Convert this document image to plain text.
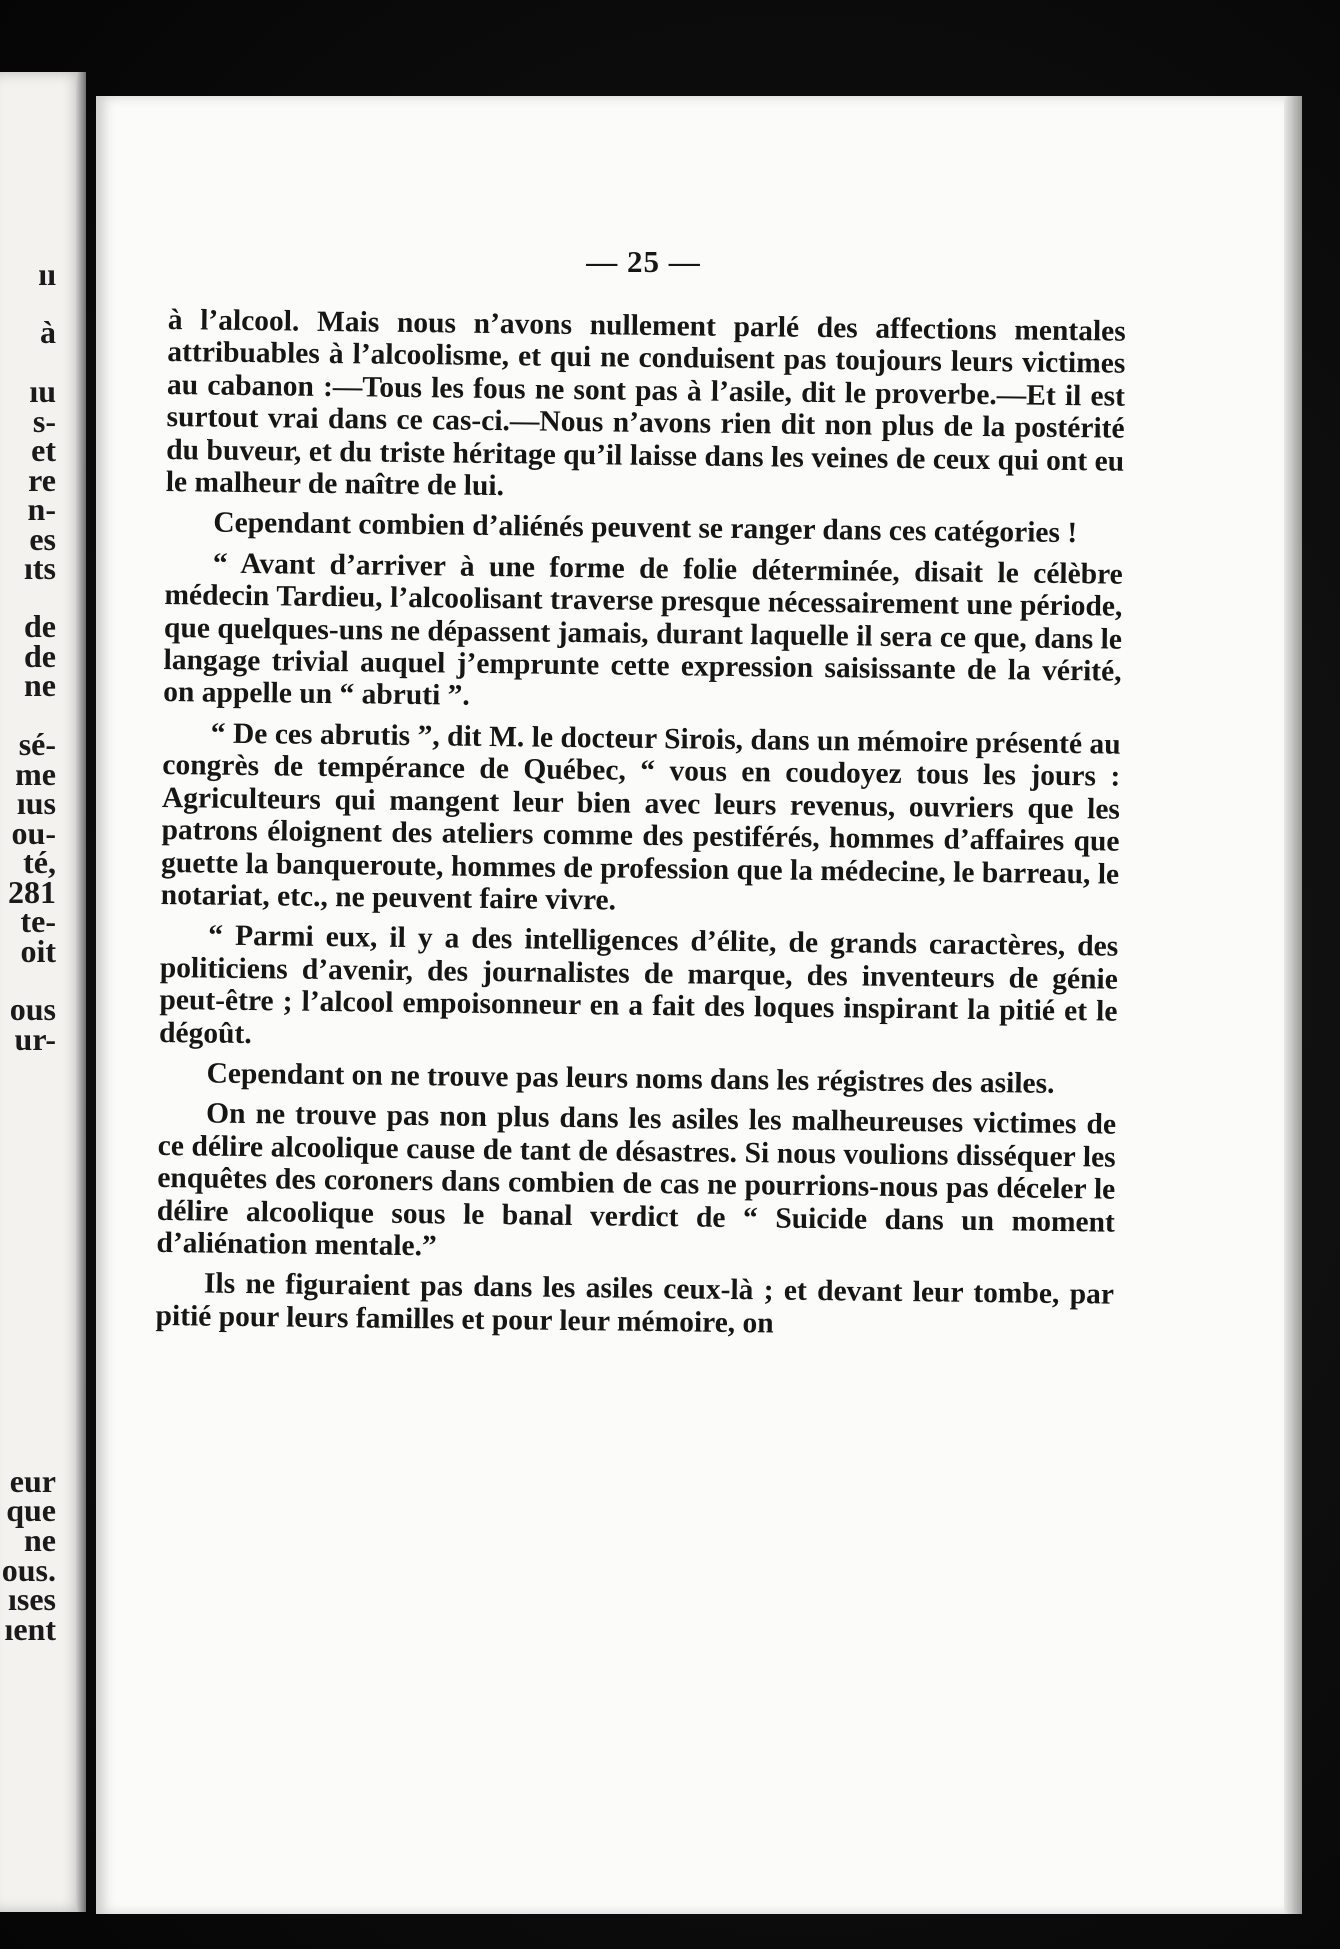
ıı
à
ıu
s-
et
re
n-
es
ıts
de
de
ne
sé-
me
ıus
ou-
té,
281
te-
oit
ous
ur-
eur
que
ne
ous.
ıses
ıent
— 25 —

à l’alcool. Mais nous n’avons nullement parlé des affections mentales attribuables à l’alcoolisme, et qui ne conduisent pas toujours leurs victimes au cabanon :—Tous les fous ne sont pas à l’asile, dit le proverbe.—Et il est surtout vrai dans ce cas-ci.—Nous n’avons rien dit non plus de la postérité du buveur, et du triste héritage qu’il laisse dans les veines de ceux qui ont eu le malheur de naître de lui.

Cependant combien d’aliénés peuvent se ranger dans ces catégories !

“ Avant d’arriver à une forme de folie déterminée, disait le célèbre médecin Tardieu, l’alcoolisant traverse presque nécessairement une période, que quelques-uns ne dépassent jamais, durant laquelle il sera ce que, dans le langage trivial auquel j’emprunte cette expression saisissante de la vérité, on appelle un “ abruti ”.

“ De ces abrutis ”, dit M. le docteur Sirois, dans un mémoire présenté au congrès de tempérance de Québec, “ vous en coudoyez tous les jours : Agriculteurs qui mangent leur bien avec leurs revenus, ouvriers que les patrons éloignent des ateliers comme des pestiférés, hommes d’affaires que guette la banqueroute, hommes de profession que la médecine, le barreau, le notariat, etc., ne peuvent faire vivre.

“ Parmi eux, il y a des intelligences d’élite, de grands caractères, des politiciens d’avenir, des journalistes de marque, des inventeurs de génie peut-être ; l’alcool empoisonneur en a fait des loques inspirant la pitié et le dégoût.

Cependant on ne trouve pas leurs noms dans les régistres des asiles.

On ne trouve pas non plus dans les asiles les malheureuses victimes de ce délire alcoolique cause de tant de désastres. Si nous voulions disséquer les enquêtes des coroners dans combien de cas ne pourrions-nous pas déceler le délire alcoolique sous le banal verdict de “ Suicide dans un moment d’aliénation mentale.”

Ils ne figuraient pas dans les asiles ceux-là ; et devant leur tombe, par pitié pour leurs familles et pour leur mémoire, on
